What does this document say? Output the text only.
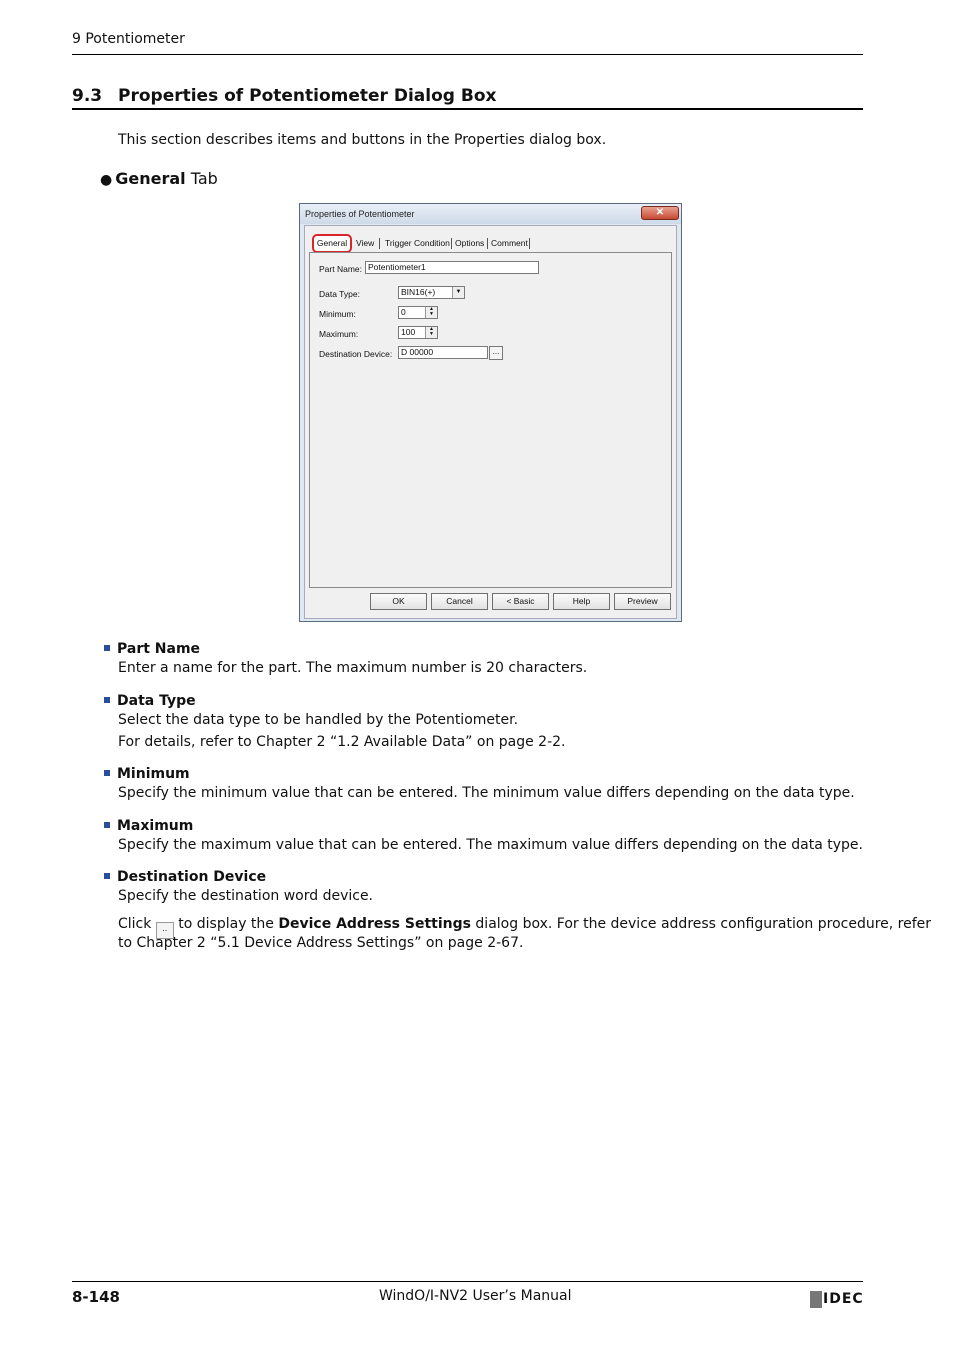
9 Potentiometer
9.3 Properties of Potentiometer Dialog Box
This section describes items and buttons in the Properties dialog box.
● General Tab
Properties of Potentiometer	✕
General	View Trigger Condition Options Comment
Part Name: Potentiometer1
Data Type:	BIN16(+)	▼
Minimum:	0	▲
▼
Maximum:	100	▲
▼
Destination Device:	D 00000	...
OK	Cancel	< Basic	Help	Preview
Part Name
Enter a name for the part. The maximum number is 20 characters.
Data Type
Select the data type to be handled by the Potentiometer.
For details, refer to Chapter 2 “1.2 Available Data” on page 2-2.
Minimum
Specify the minimum value that can be entered. The minimum value differs depending on the data type.
Maximum
Specify the maximum value that can be entered. The maximum value differs depending on the data type.
Destination Device
Specify the destination word device.
Click .. to display the Device Address Settings dialog box. For the device address configuration procedure, refer
to Chapter 2 “5.1 Device Address Settings” on page 2-67.
8-148	WindO/I-NV2 User’s Manual	IDEC
